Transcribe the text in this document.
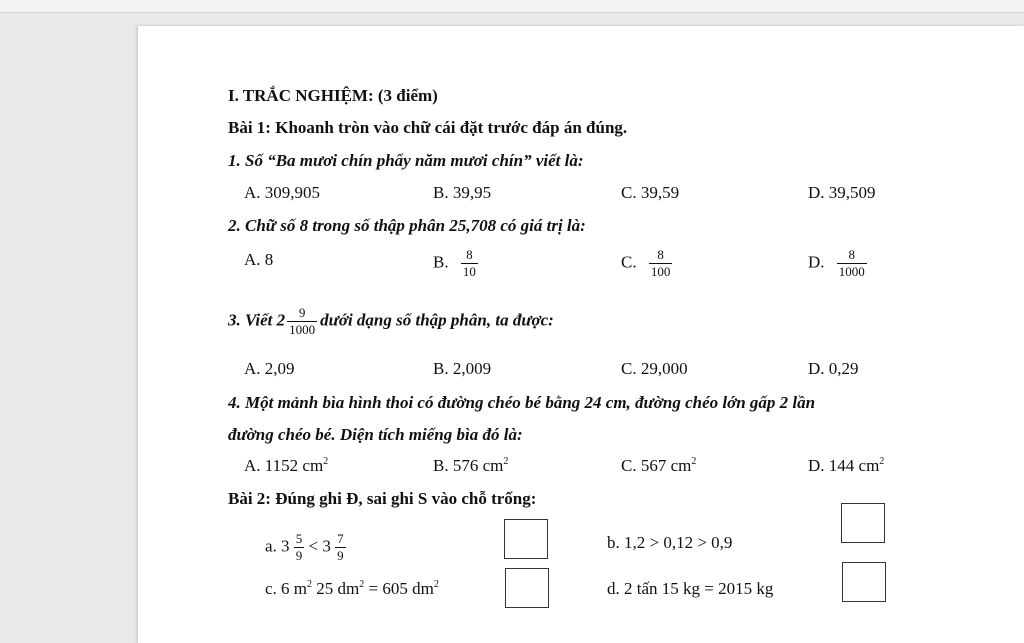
I. TRẮC NGHIỆM: (3 điểm)
Bài 1: Khoanh tròn vào chữ cái đặt trước đáp án đúng.
1. Số “Ba mươi chín phẩy năm mươi chín” viết là:
A. 309,905	B. 39,95	C. 39,59	D. 39,509
2. Chữ số 8 trong số thập phân 25,708 có giá trị là:
A. 8	B. $\frac{8}{10}$	C. $\frac{8}{100}$	D. $\frac{8}{1000}$
3. Viết $2 \frac{9}{1000}$ dưới dạng số thập phân, ta được:
A. 2,09	B. 2,009	C. 29,000	D. 0,29
4. Một mảnh bìa hình thoi có đường chéo bé bằng 24 cm, đường chéo lớn gấp 2 lần
đường chéo bé. Diện tích miếng bìa đó là:
A. 1152 $cm^2$	B. 576 $cm^2$	C. 567 $cm^2$	D. 144 $cm^2$
Bài 2: Đúng ghi Đ, sai ghi S vào chỗ trống:
a. $3 \frac{5}{9} < 3 \frac{7}{9}$	b. 1,2 > 0,12 > 0,9
c. 6 $m^2$ 25 $dm^2 = 605$ $dm^2$	d. 2 tấn 15 kg = 2015 kg
